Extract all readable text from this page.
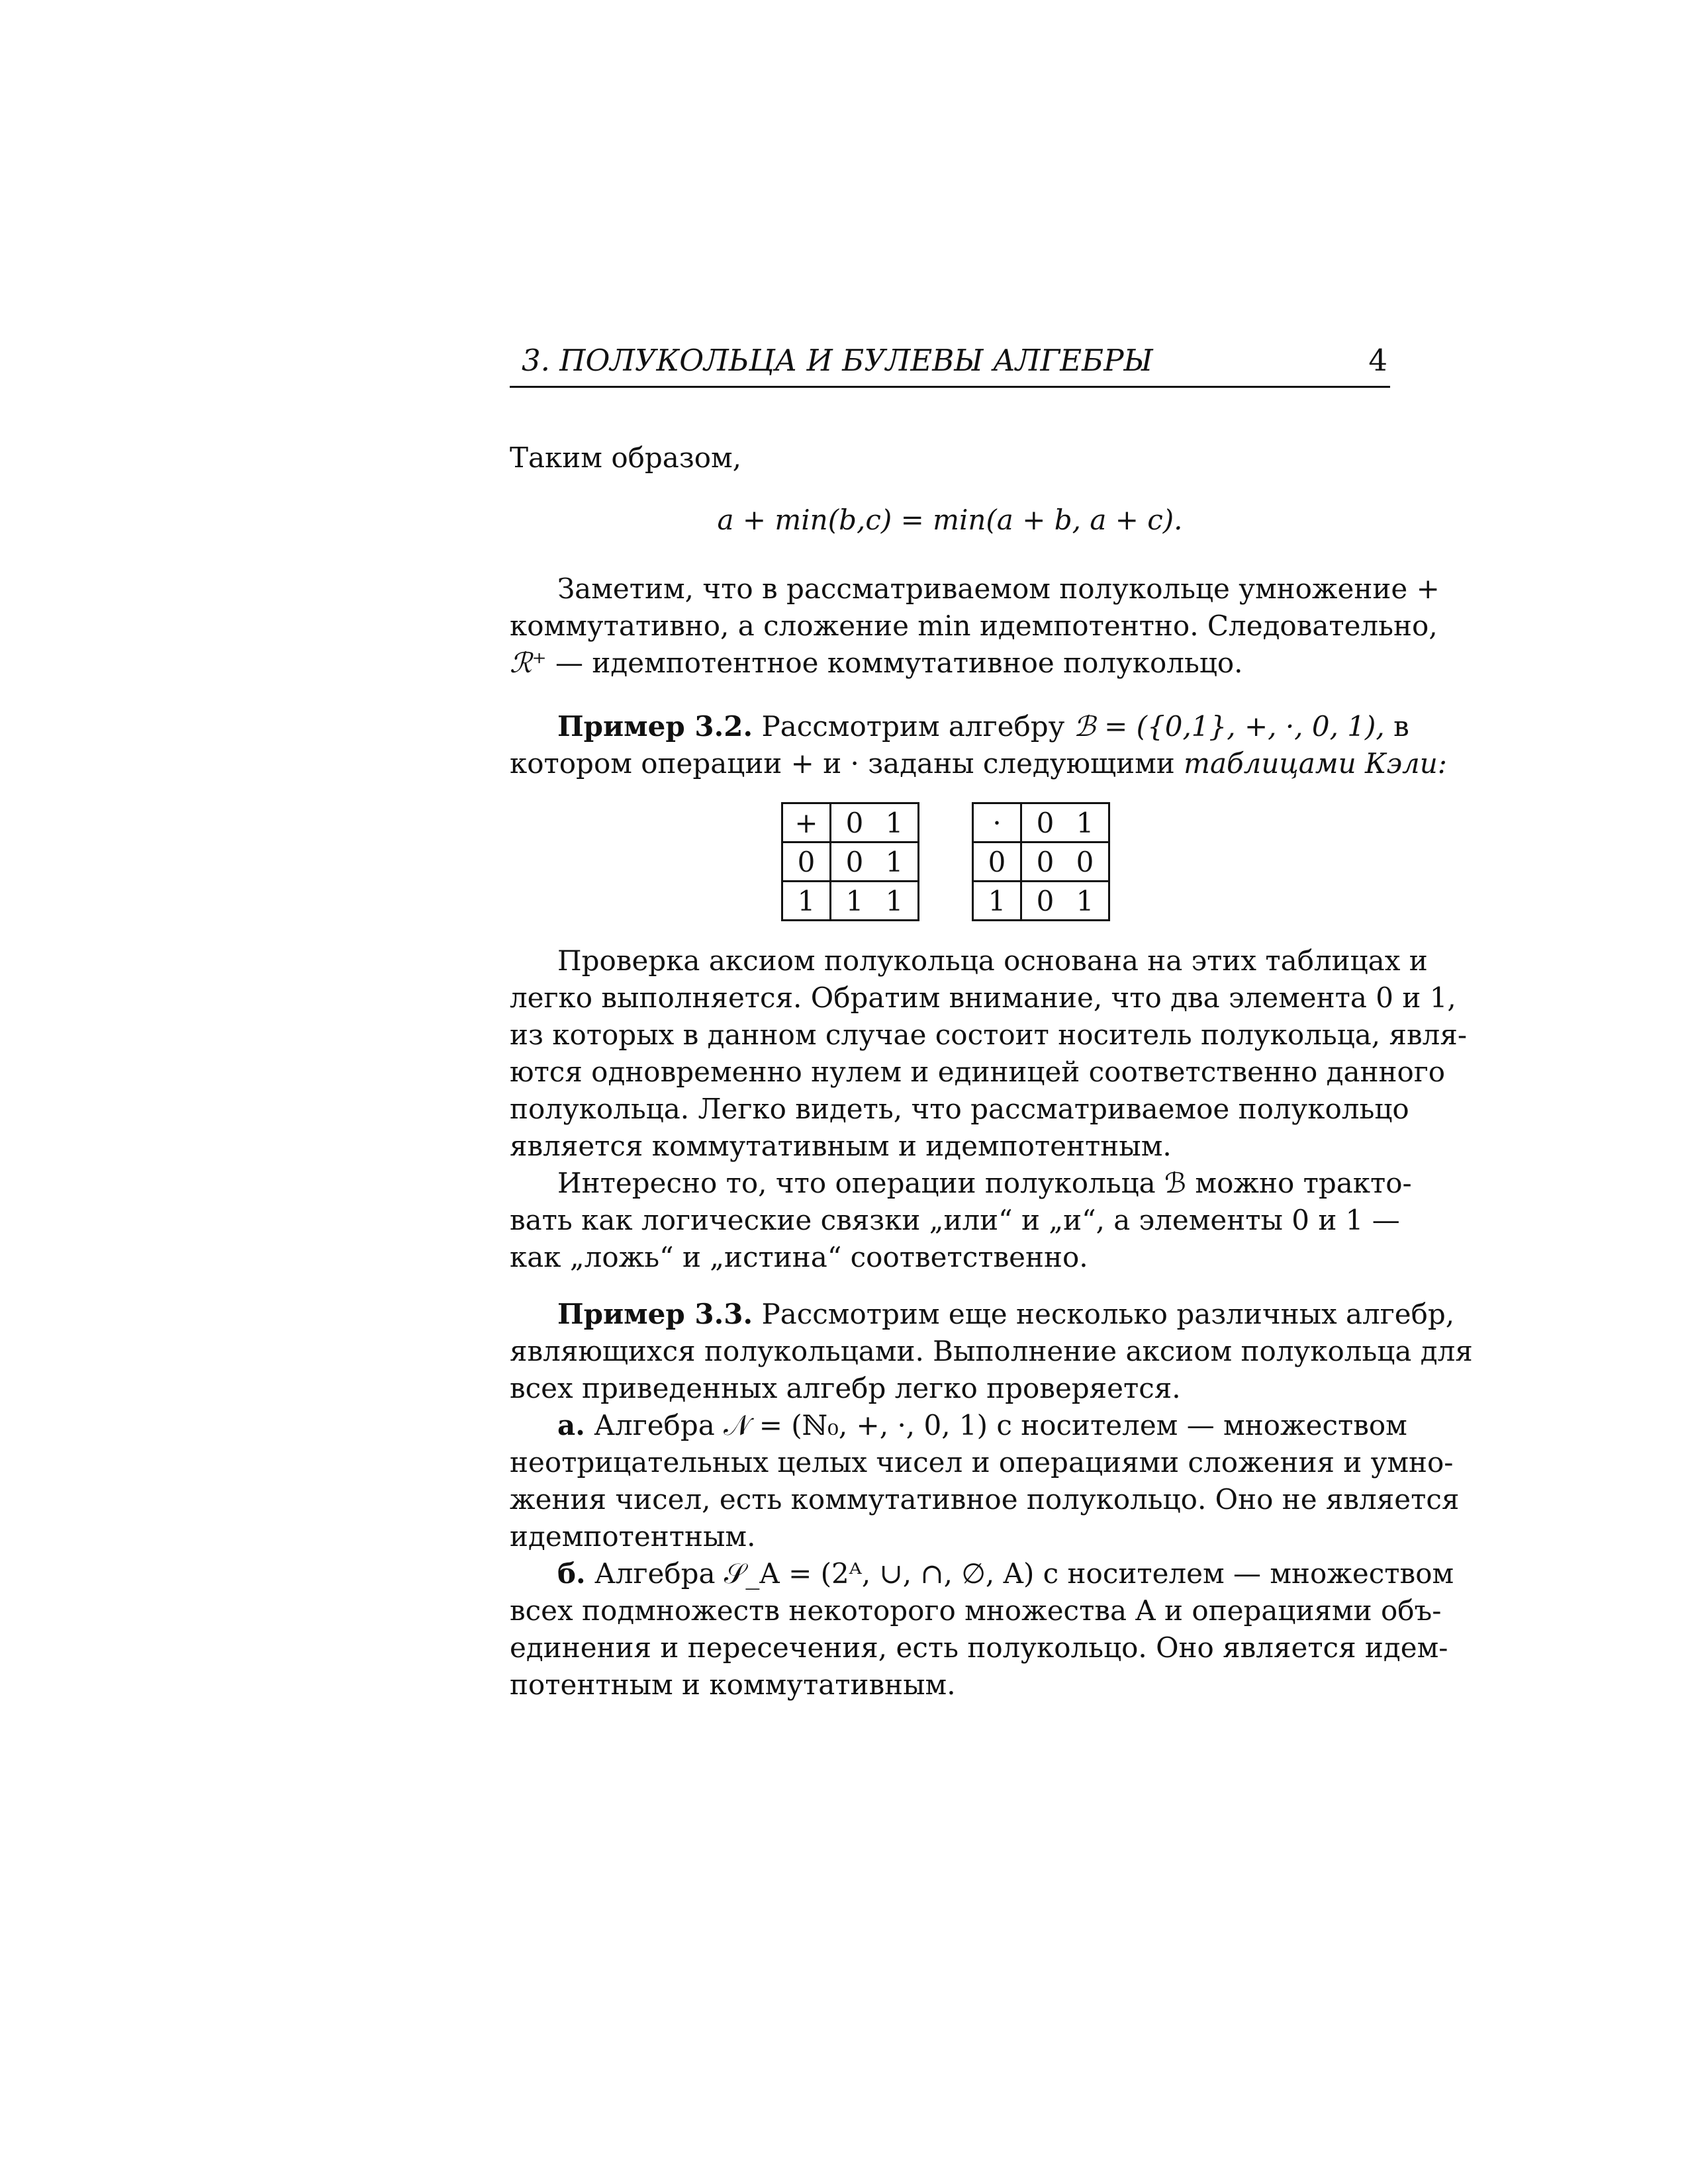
3. ПОЛУКОЛЬЦА И БУЛЕВЫ АЛГЕБРЫ	4
Таким образом,
a + min(b,c) = min(a + b, a + c).
Заметим, что в рассматриваемом полукольце умножение +
коммутативно, а сложение min идемпотентно. Следовательно,
ℛ⁺ — идемпотентное коммутативное полукольцо.
Пример 3.2. Рассмотрим алгебру ℬ = ({0,1}, +, ·, 0, 1), в
котором операции + и · заданы следующими таблицами Кэли:
+	0 1
0	0 1
1	1 1
·	0 1
0	0 0
1	0 1
Проверка аксиом полукольца основана на этих таблицах и
легко выполняется. Обратим внимание, что два элемента 0 и 1,
из которых в данном случае состоит носитель полукольца, явля-
ются одновременно нулем и единицей соответственно данного
полукольца. Легко видеть, что рассматриваемое полукольцо
является коммутативным и идемпотентным.
Интересно то, что операции полукольца ℬ можно тракто-
вать как логические связки „или“ и „и“, а элементы 0 и 1 —
как „ложь“ и „истина“ соответственно.
Пример 3.3. Рассмотрим еще несколько различных алгебр,
являющихся полукольцами. Выполнение аксиом полукольца для
всех приведенных алгебр легко проверяется.
а. Алгебра 𝒩 = (ℕ₀, +, ·, 0, 1) с носителем — множеством
неотрицательных целых чисел и операциями сложения и умно-
жения чисел, есть коммутативное полукольцо. Оно не является
идемпотентным.
б. Алгебра 𝒮_A = (2ᴬ, ∪, ∩, ∅, A) с носителем — множеством
всех подмножеств некоторого множества A и операциями объ-
единения и пересечения, есть полукольцо. Оно является идем-
потентным и коммутативным.
